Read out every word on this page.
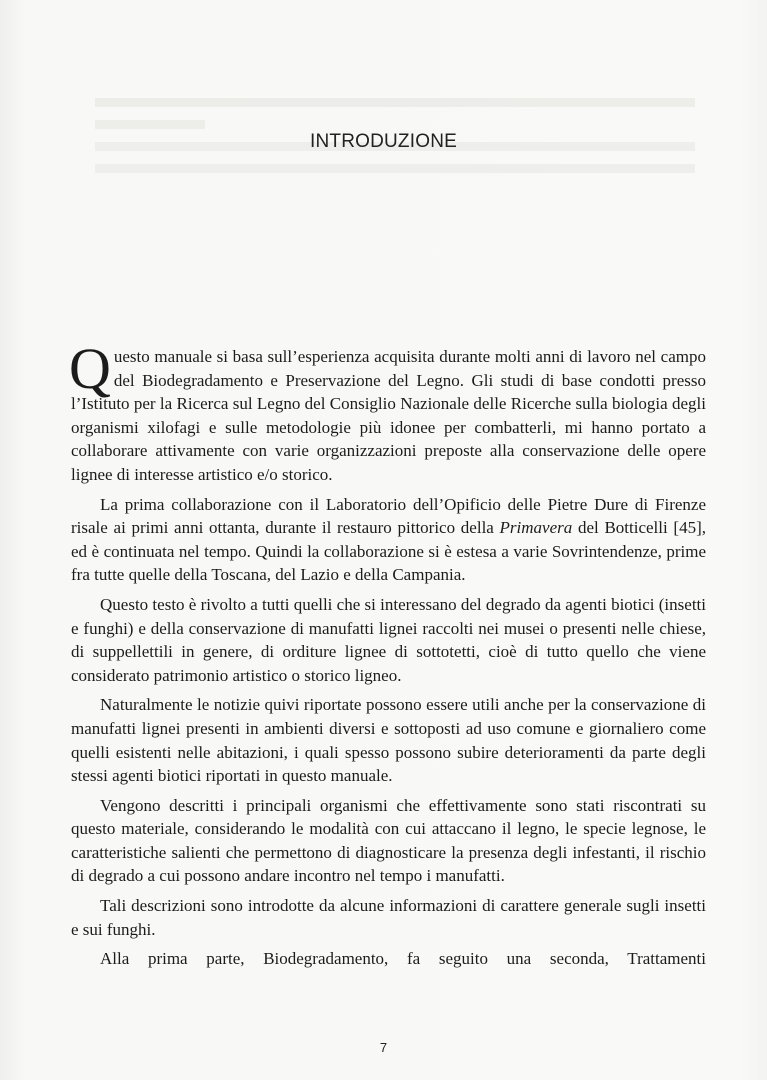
INTRODUZIONE

Questo manuale si basa sull’esperienza acquisita durante molti anni di lavoro nel campo del Biodegradamento e Preservazione del Legno. Gli studi di base condotti presso l’Istituto per la Ricerca sul Legno del Consiglio Nazionale delle Ricerche sulla biologia degli organismi xilofagi e sulle metodologie più idonee per combatterli, mi hanno portato a collaborare attivamente con varie organizzazioni preposte alla conservazione delle opere lignee di interesse artistico e/o storico.

La prima collaborazione con il Laboratorio dell’Opificio delle Pietre Dure di Firenze risale ai primi anni ottanta, durante il restauro pittorico della Primavera del Botticelli [45], ed è continuata nel tempo. Quindi la collaborazione si è estesa a varie Sovrintendenze, prime fra tutte quelle della Toscana, del Lazio e della Campania.

Questo testo è rivolto a tutti quelli che si interessano del degrado da agenti biotici (insetti e funghi) e della conservazione di manufatti lignei raccolti nei musei o presenti nelle chiese, di suppellettili in genere, di orditure lignee di sottotetti, cioè di tutto quello che viene considerato patrimonio artistico o storico ligneo.

Naturalmente le notizie quivi riportate possono essere utili anche per la conservazione di manufatti lignei presenti in ambienti diversi e sottoposti ad uso comune e giornaliero come quelli esistenti nelle abitazioni, i quali spesso possono subire deterioramenti da parte degli stessi agenti biotici riportati in questo manuale.

Vengono descritti i principali organismi che effettivamente sono stati riscontrati su questo materiale, considerando le modalità con cui attaccano il legno, le specie legnose, le caratteristiche salienti che permettono di diagnosticare la presenza degli infestanti, il rischio di degrado a cui possono andare incontro nel tempo i manufatti.

Tali descrizioni sono introdotte da alcune informazioni di carattere generale sugli insetti e sui funghi.

Alla prima parte, Biodegradamento, fa seguito una seconda, Trattamenti

7
